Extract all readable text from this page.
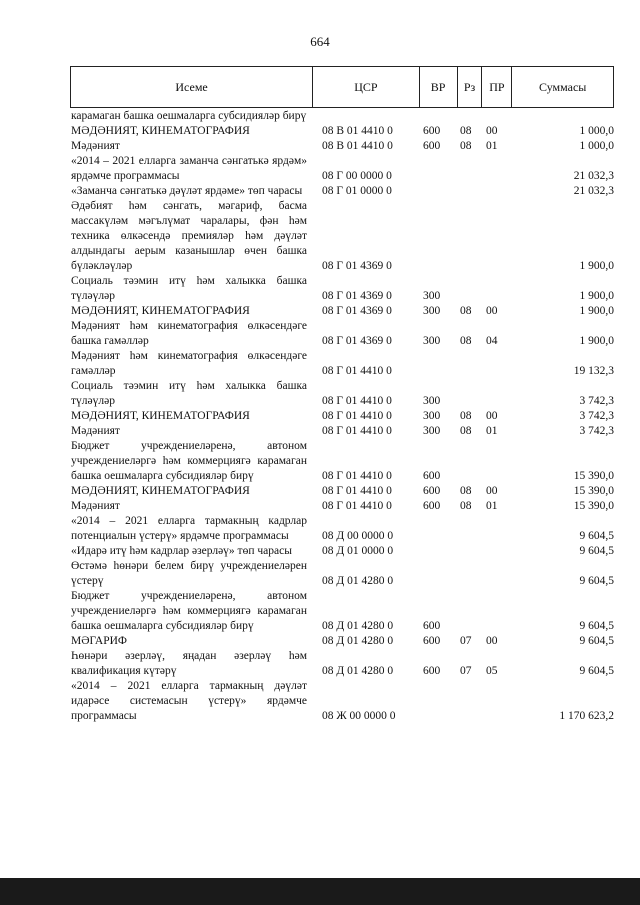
664
Исеме	ЦСР	ВР	Рз	ПР	Суммасы
карамаган башка оешмаларга субсидияләр бирү
МӘДӘНИЯТ, КИНЕМАТОГРАФИЯ	08 В 01 4410 0	600	08	00	1 000,0
Мәдәният	08 В 01 4410 0	600	08	01	1 000,0
«2014 – 2021 елларга заманча сәнгатькә ярдәм» ярдәмче программасы	08 Г 00 0000 0	21 032,3
«Заманча сәнгатькә дәүләт ярдәме» төп чарасы	08 Г 01 0000 0	21 032,3
Әдәбият һәм сәнгать, мәгариф, басма массакүләм мәгълүмат чаралары, фән һәм техника өлкәсендә премияләр һәм дәүләт алдындагы аерым казанышлар өчен башка бүләкләүләр	08 Г 01 4369 0	1 900,0
Социаль тәэмин итү һәм халыкка башка түләүләр	08 Г 01 4369 0	300	1 900,0
МӘДӘНИЯТ, КИНЕМАТОГРАФИЯ	08 Г 01 4369 0	300	08	00	1 900,0
Мәдәният һәм кинематография өлкәсендәге башка гамәлләр	08 Г 01 4369 0	300	08	04	1 900,0
Мәдәният һәм кинематография өлкәсендәге гамәлләр	08 Г 01 4410 0	19 132,3
Социаль тәэмин итү һәм халыкка башка түләүләр	08 Г 01 4410 0	300	3 742,3
МӘДӘНИЯТ, КИНЕМАТОГРАФИЯ	08 Г 01 4410 0	300	08	00	3 742,3
Мәдәният	08 Г 01 4410 0	300	08	01	3 742,3
Бюджет учреждениеләренә, автоном учреждениеләргә һәм коммерциягә карамаган башка оешмаларга субсидияләр бирү	08 Г 01 4410 0	600	15 390,0
МӘДӘНИЯТ, КИНЕМАТОГРАФИЯ	08 Г 01 4410 0	600	08	00	15 390,0
Мәдәният	08 Г 01 4410 0	600	08	01	15 390,0
«2014 – 2021 елларга тармакның кадрлар потенциалын үстерү» ярдәмче программасы	08 Д 00 0000 0	9 604,5
«Идарә итү һәм кадрлар әзерләү» төп чарасы	08 Д 01 0000 0	9 604,5
Өстәмә һөнәри белем бирү учреждениеләрен үстерү	08 Д 01 4280 0	9 604,5
Бюджет учреждениеләренә, автоном учреждениеләргә һәм коммерциягә карамаган башка оешмаларга субсидияләр бирү	08 Д 01 4280 0	600	9 604,5
МӘГАРИФ	08 Д 01 4280 0	600	07	00	9 604,5
Һөнәри әзерләү, яңадан әзерләү һәм квалификация күтәрү	08 Д 01 4280 0	600	07	05	9 604,5
«2014 – 2021 елларга тармакның дәүләт идарәсе системасын үстерү» ярдәмче программасы	08 Ж 00 0000 0	1 170 623,2
